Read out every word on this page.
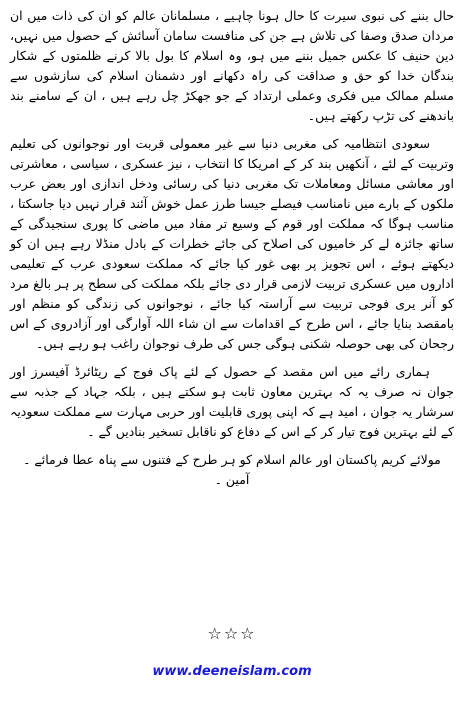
حال بننے کی نبوی سیرت کا حال ہونا چاہیے ، مسلمانان عالم کو ان کی ذات میں ان مردان صدق وصفا کی تلاش ہے جن کی منافست سامان آسائش کے حصول میں نہیں، دین حنیف کا عکس جمیل بننے میں ہو، وہ اسلام کا بول بالا کرنے ظلمتوں کے شکار بندگان خدا کو حق و صداقت کی راہ دکھانے اور دشمنان اسلام کی سازشوں سے مسلم ممالک میں فکری وعملی ارتداد کے جو جھکڑ چل رہے ہیں ، ان کے سامنے بند باندھنے کی تڑپ رکھتے ہیں۔

سعودی انتظامیہ کی مغربی دنیا سے غیر معمولی قربت اور نوجوانوں کی تعلیم وتربیت کے لئے ، آنکھیں بند کر کے امریکا کا انتخاب ، نیز عسکری ، سیاسی ، معاشرتی اور معاشی مسائل ومعاملات تک مغربی دنیا کی رسائی ودخل اندازی اور بعض عرب ملکوں کے بارے میں نامناسب فیصلے جیسا طرز عمل خوش آئند قرار نہیں دیا جاسکتا ، مناسب ہوگا کہ مملکت اور قوم کے وسیع تر مفاد میں ماضی کا پوری سنجیدگی کے ساتھ جائزہ لے کر خامیوں کی اصلاح کی جائے خطرات کے بادل منڈلا رہے ہیں ان کو دیکھتے ہوئے ، اس تجویز پر بھی غور کیا جائے کہ مملکت سعودی عرب کے تعلیمی اداروں میں عسکری تربیت لازمی قرار دی جائے بلکہ مملکت کی سطح پر ہر بالغ مرد کو آنر یری فوجی تربیت سے آراستہ کیا جائے ، نوجوانوں کی زندگی کو منظم اور بامقصد بنایا جائے ، اس طرح کے اقدامات سے ان شاء اللہ آوارگی اور آزادروی کے اس رجحان کی بھی حوصلہ شکنی ہوگی جس کی طرف نوجوان راغب ہو رہے ہیں۔

ہماری رائے میں اس مقصد کے حصول کے لئے پاک فوج کے ریٹائرڈ آفیسرز اور جوان نہ صرف یہ کہ بہترین معاون ثابت ہو سکتے ہیں ، بلکہ جہاد کے جذبہ سے سرشار یہ جوان ، امید ہے کہ اپنی پوری قابلیت اور حربی مہارت سے مملکت سعودیہ کے لئے بہترین فوج تیار کر کے اس کے دفاع کو ناقابل تسخیر بنادیں گے ۔

مولائے کریم پاکستان اور عالم اسلام کو ہر طرح کے فتنوں سے پناہ عطا فرمائے ۔ آمین ۔

☆☆☆
www.deeneislam.com
